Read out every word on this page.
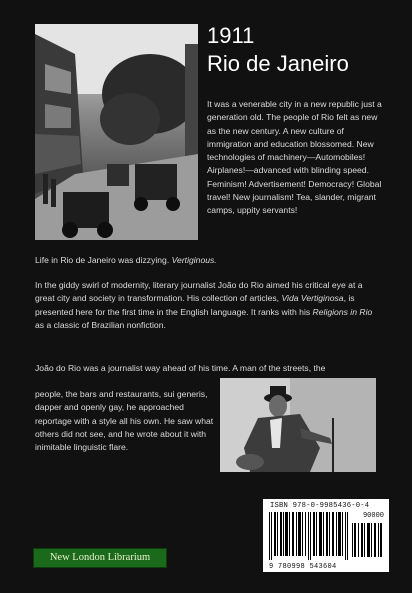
1911
Rio de Janeiro
It was a venerable city in a new republic just a generation old. The people of Rio felt as new as the new century. A new culture of immigration and education blossomed. New technologies of machinery—Automobiles! Airplanes!—advanced with blinding speed. Feminism! Advertisement! Democracy! Global travel! New journalism! Tea, slander, migrant camps, uppity servants!
Life in Rio de Janeiro was dizzying. Vertiginous.
In the giddy swirl of modernity, literary journalist João do Rio aimed his critical eye at a great city and society in transformation. His collection of articles, Vida Vertiginosa, is presented here for the first time in the English language. It ranks with his Religions in Rio as a classic of Brazilian nonfiction.
João do Rio was a journalist way ahead of his time. A man of the streets, the
people, the bars and restaurants, sui generis, dapper and openly gay, he approached reportage with a style all his own. He saw what others did not see, and he wrote about it with inimitable linguistic flare.
ISBN 978-0-9985436-0-4
90000
9 780998 543604
New London Librarium
